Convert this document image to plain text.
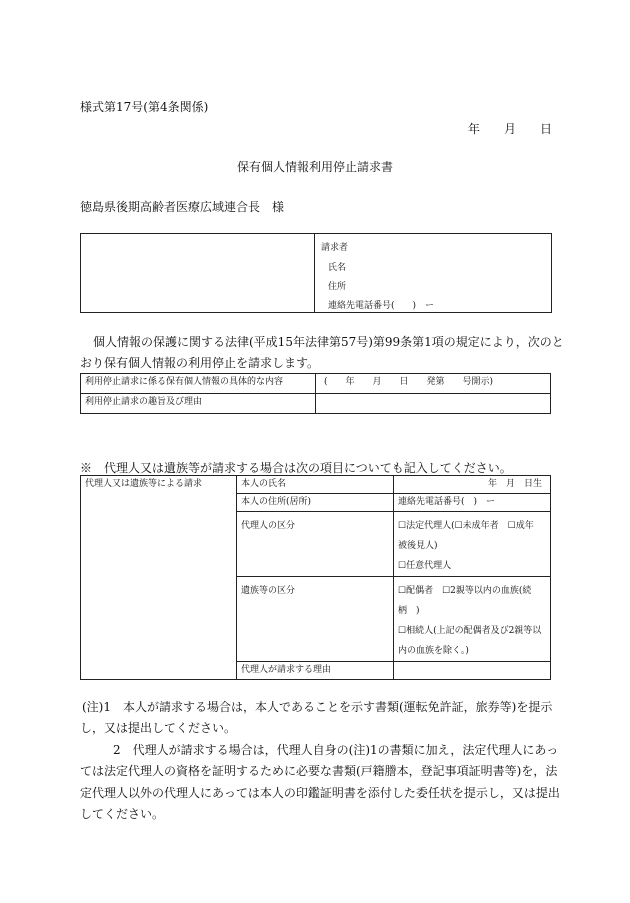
様式第17号(第4条関係)
年　　月　　日
保有個人情報利用停止請求書
徳島県後期高齢者医療広域連合長　様
請求者
氏名
住所
連絡先電話番号(　　)　ー
個人情報の保護に関する法律(平成15年法律第57号)第99条第1項の規定により，次のと
おり保有個人情報の利用停止を請求します。
利用停止請求に係る保有個人情報の具体的な内容	(　　年　　月　　日　　発第　　号開示)
利用停止請求の趣旨及び理由	
※　代理人又は遺族等が請求する場合は次の項目についても記入してください。
代理人又は遺族等による請求	本人の氏名	年　月　日生
	本人の住所(居所)	連絡先電話番号(　)　ー
	代理人の区分	☐法定代理人(☐未成年者　☐成年
被後見人)
☐任意代理人

	遺族等の区分	☐配偶者　☐2親等以内の血族(続
柄　)
☐相続人(上記の配偶者及び2親等以
内の血族を除く。)

	代理人が請求する理由	
(注)1　本人が請求する場合は，本人であることを示す書類(運転免許証，旅券等)を提示
し，又は提出してください。
2　代理人が請求する場合は，代理人自身の(注)1の書類に加え，法定代理人にあっ
ては法定代理人の資格を証明するために必要な書類(戸籍謄本，登記事項証明書等)を，法
定代理人以外の代理人にあっては本人の印鑑証明書を添付した委任状を提示し，又は提出
してください。
